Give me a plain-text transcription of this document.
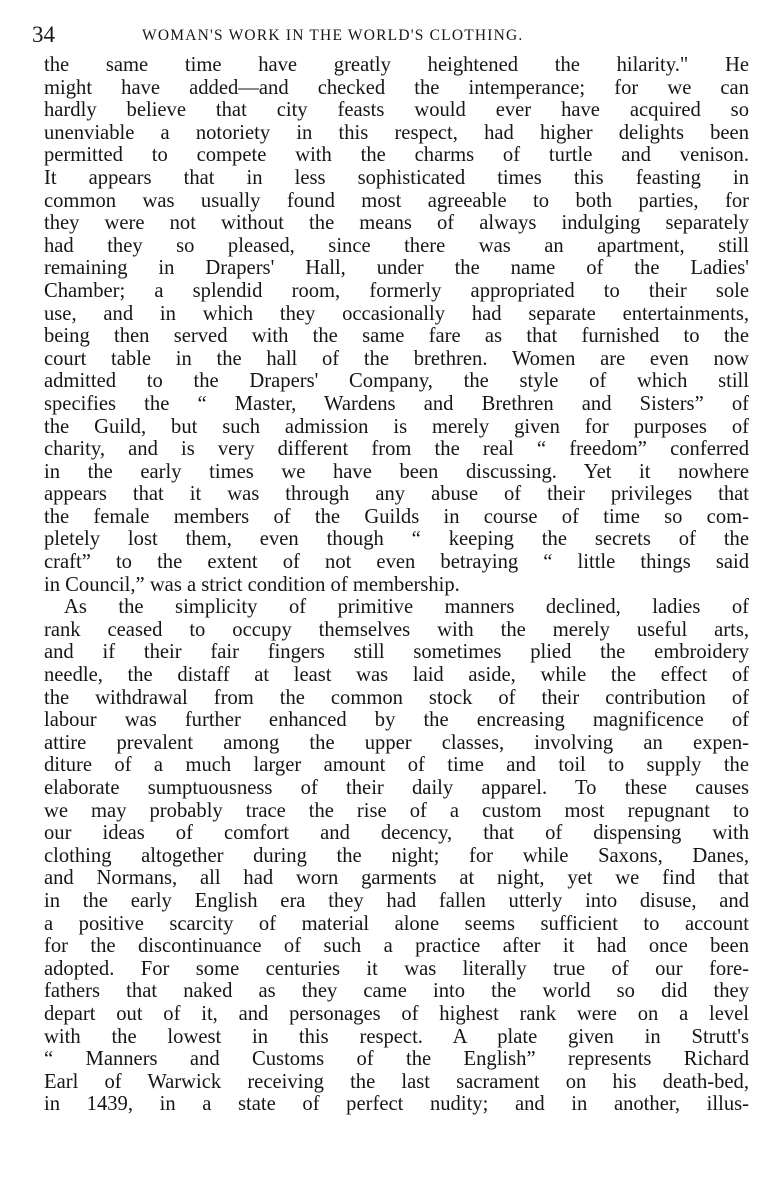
34	WOMAN'S WORK IN THE WORLD'S CLOTHING.
the same time have greatly heightened the hilarity." He
might have added—and checked the intemperance; for we can
hardly believe that city feasts would ever have acquired so
unenviable a notoriety in this respect, had higher delights been
permitted to compete with the charms of turtle and venison.
It appears that in less sophisticated times this feasting in
common was usually found most agreeable to both parties, for
they were not without the means of always indulging separately
had they so pleased, since there was an apartment, still
remaining in Drapers' Hall, under the name of the Ladies'
Chamber; a splendid room, formerly appropriated to their sole
use, and in which they occasionally had separate entertainments,
being then served with the same fare as that furnished to the
court table in the hall of the brethren. Women are even now
admitted to the Drapers' Company, the style of which still
specifies the “ Master, Wardens and Brethren and Sisters” of
the Guild, but such admission is merely given for purposes of
charity, and is very different from the real “ freedom” conferred
in the early times we have been discussing. Yet it nowhere
appears that it was through any abuse of their privileges that
the female members of the Guilds in course of time so com-
pletely lost them, even though “ keeping the secrets of the
craft” to the extent of not even betraying “ little things said
in Council,” was a strict condition of membership.
As the simplicity of primitive manners declined, ladies of
rank ceased to occupy themselves with the merely useful arts,
and if their fair fingers still sometimes plied the embroidery
needle, the distaff at least was laid aside, while the effect of
the withdrawal from the common stock of their contribution of
labour was further enhanced by the encreasing magnificence of
attire prevalent among the upper classes, involving an expen-
diture of a much larger amount of time and toil to supply the
elaborate sumptuousness of their daily apparel. To these causes
we may probably trace the rise of a custom most repugnant to
our ideas of comfort and decency, that of dispensing with
clothing altogether during the night; for while Saxons, Danes,
and Normans, all had worn garments at night, yet we find that
in the early English era they had fallen utterly into disuse, and
a positive scarcity of material alone seems sufficient to account
for the discontinuance of such a practice after it had once been
adopted. For some centuries it was literally true of our fore-
fathers that naked as they came into the world so did they
depart out of it, and personages of highest rank were on a level
with the lowest in this respect. A plate given in Strutt's
“ Manners and Customs of the English” represents Richard
Earl of Warwick receiving the last sacrament on his death-bed,
in 1439, in a state of perfect nudity; and in another, illus-
